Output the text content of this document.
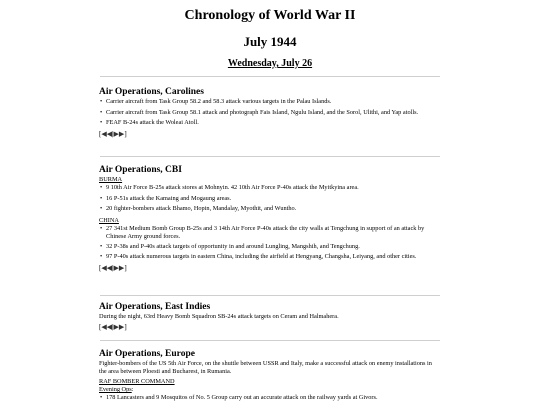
Chronology of World War II
July 1944
Wednesday, July 26
Air Operations, Carolines
• Carrier aircraft from Task Group 58.2 and 58.3 attack various targets in the Palau Islands.
• Carrier aircraft from Task Group 58.1 attack and photograph Fais Island, Ngulu Island, and the Sorol, Ulithi, and Yap atolls.
• FEAF B-24s attack the Woleai Atoll.
[◀◀|▶▶]
Air Operations, CBI
BURMA
• 9 10th Air Force B-25s attack stores at Mohnyin. 42 10th Air Force P-40s attack the Myitkyina area.
• 16 P-51s attack the Kamaing and Mogaung areas.
• 20 fighter-bombers attack Bhamo, Hopin, Mandalay, Myothit, and Wuntho.
CHINA
• 27 341st Medium Bomb Group B-25s and 3 14th Air Force P-40s attack the city walls at Tengchung in support of an attack by Chinese Army ground forces.
• 32 P-38s and P-40s attack targets of opportunity in and around Lungling, Mangshih, and Tengchung.
• 97 P-40s attack numerous targets in eastern China, including the airfield at Hengyang, Changsha, Leiyang, and other cities.
[◀◀|▶▶]
Air Operations, East Indies
During the night, 63rd Heavy Bomb Squadron SB-24s attack targets on Ceram and Halmahera.
[◀◀|▶▶]
Air Operations, Europe
Fighter-bombers of the US 5th Air Force, on the shuttle between USSR and Italy, make a successful attack on enemy installations in the area between Ploesti and Bucharest, in Rumania.
RAF BOMBER COMMAND
Evening Ops:
• 178 Lancasters and 9 Mosquitos of No. 5 Group carry out an accurate attack on the railway yards at Givors.
